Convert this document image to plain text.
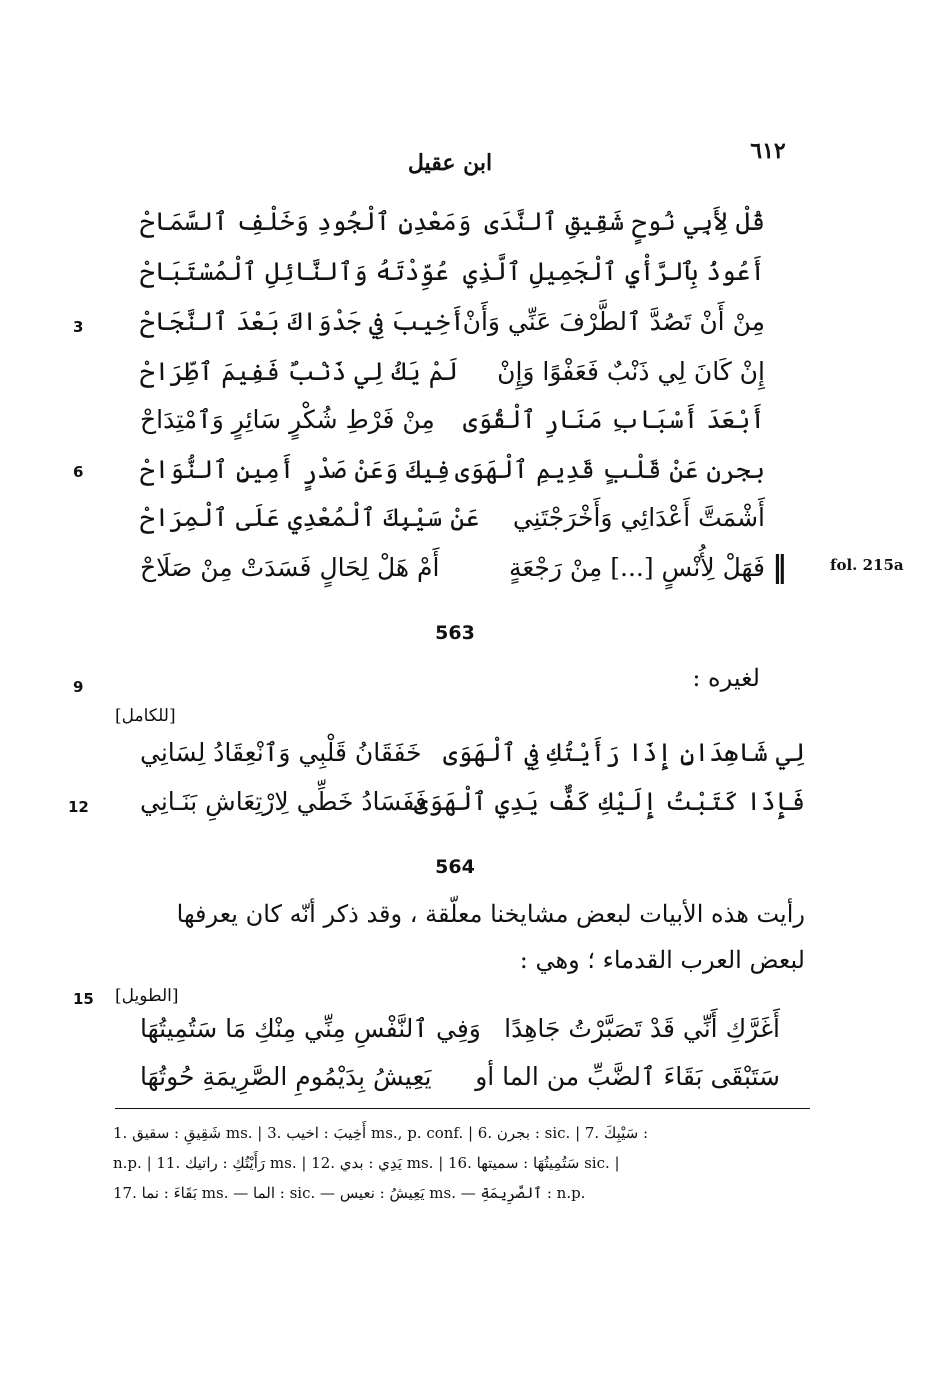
٦١٢
ابن عقيل
قُلْ لِأَبِي نُوحٍ شَقِيقِ ٱلنَّدَى
وَمَعْدِنِ ٱلْجُودِ وَخَلْفِ ٱلسَّمَاحْ
أَعُوذُ بِٱلرَّأْيِ ٱلْجَمِيلِ ٱلَّذِي
عُوِّدْتَهُ وَٱلنَّائِلِ ٱلْمُسْتَبَاحْ
مِنْ أَنْ تَصُدَّ ٱلطَّرْفَ عَنِّي وَأَنْ
أَخِيبَ فِي جَدْوَاكَ بَعْدَ ٱلنَّجَاحْ
إِنْ كَانَ لِي ذَنْبٌ فَعَفْوًا وَإِنْ
لَمْ يَكُ لِي ذَنْبٌ فَفِيمَ ٱطِّرَاحْ
أَبْعَدَ أَسْبَابِ مَنَارِ ٱلْقُوَى
مِنْ فَرْطِ شُكْرٍ سَائِرٍ وَٱمْتِدَاحْ
بجرن عَنْ قَلْبٍ قَدِيمِ ٱلْهَوَى
فِيكَ وَعَنْ صَدْرٍ أَمِينِ ٱلنُّوَاحْ
أَشْمَتَّ أَعْدَائِي وَأَخْرَجْتَنِي
عَنْ سَيْبِكَ ٱلْمُعْدِي عَلَى ٱلْمِرَاحْ
فَهَلْ لِأُنْسٍ [...] مِنْ رَجْعَةٍ
أَمْ هَلْ لِحَالٍ فَسَدَتْ مِنْ صَلَاحْ
3
6
‖	fol. 215a
563
لغيره :
9
[للكامل]
لِي شَاهِدَانِ إِذَا رَأَيْتُكِ فِي ٱلْهَوَى
خَفَقَانُ قَلْبِي وَٱنْعِقَادُ لِسَانِي
فَإِذَا كَتَبْتُ إِلَيْكِ كَفٌّ يَدِي ٱلْهَوَى
فَفَسَادُ خَطِّي لِارْتِعَاشِ بَنَـانِي
12
564
رأيت هذه الأبيات لبعض مشايخنا معلّقة ، وقد ذكر أنّه كان يعرفها
لبعض العرب القدماء ؛ وهي :
15 [الطويل]
أَغَرَّكِ أَنِّي قَدْ تَصَبَّرْتُ جَاهِدًا
وَفِي ٱلنَّفْسِ مِنِّي مِنْكِ مَا سَتُمِيتُهَا
سَتَبْقَى بَقَاءَ ٱلضَّبِّ من الما أو
يَعِيشُ بِدَيْمُومِ الصَّرِيمَةِ حُوتُهَا
1. شَقِيقِ : سقيق ms. | 3. أَخِيبَ : اخيب ms., p. conf. | 6. بجرن : sic. | 7. سَيْبِكَ :
n.p. | 11. رَأَيْتُكِ : راتيك ms. | 12. يَدِي : بدي ms. | 16. سَتُمِيتُهَا : سميتها sic. |
17. بَقَاءَ : نما ms. — الما : sic. — يَعِيشُ : نعيس ms. — ٱلصَّرِيمَةِ : n.p.
